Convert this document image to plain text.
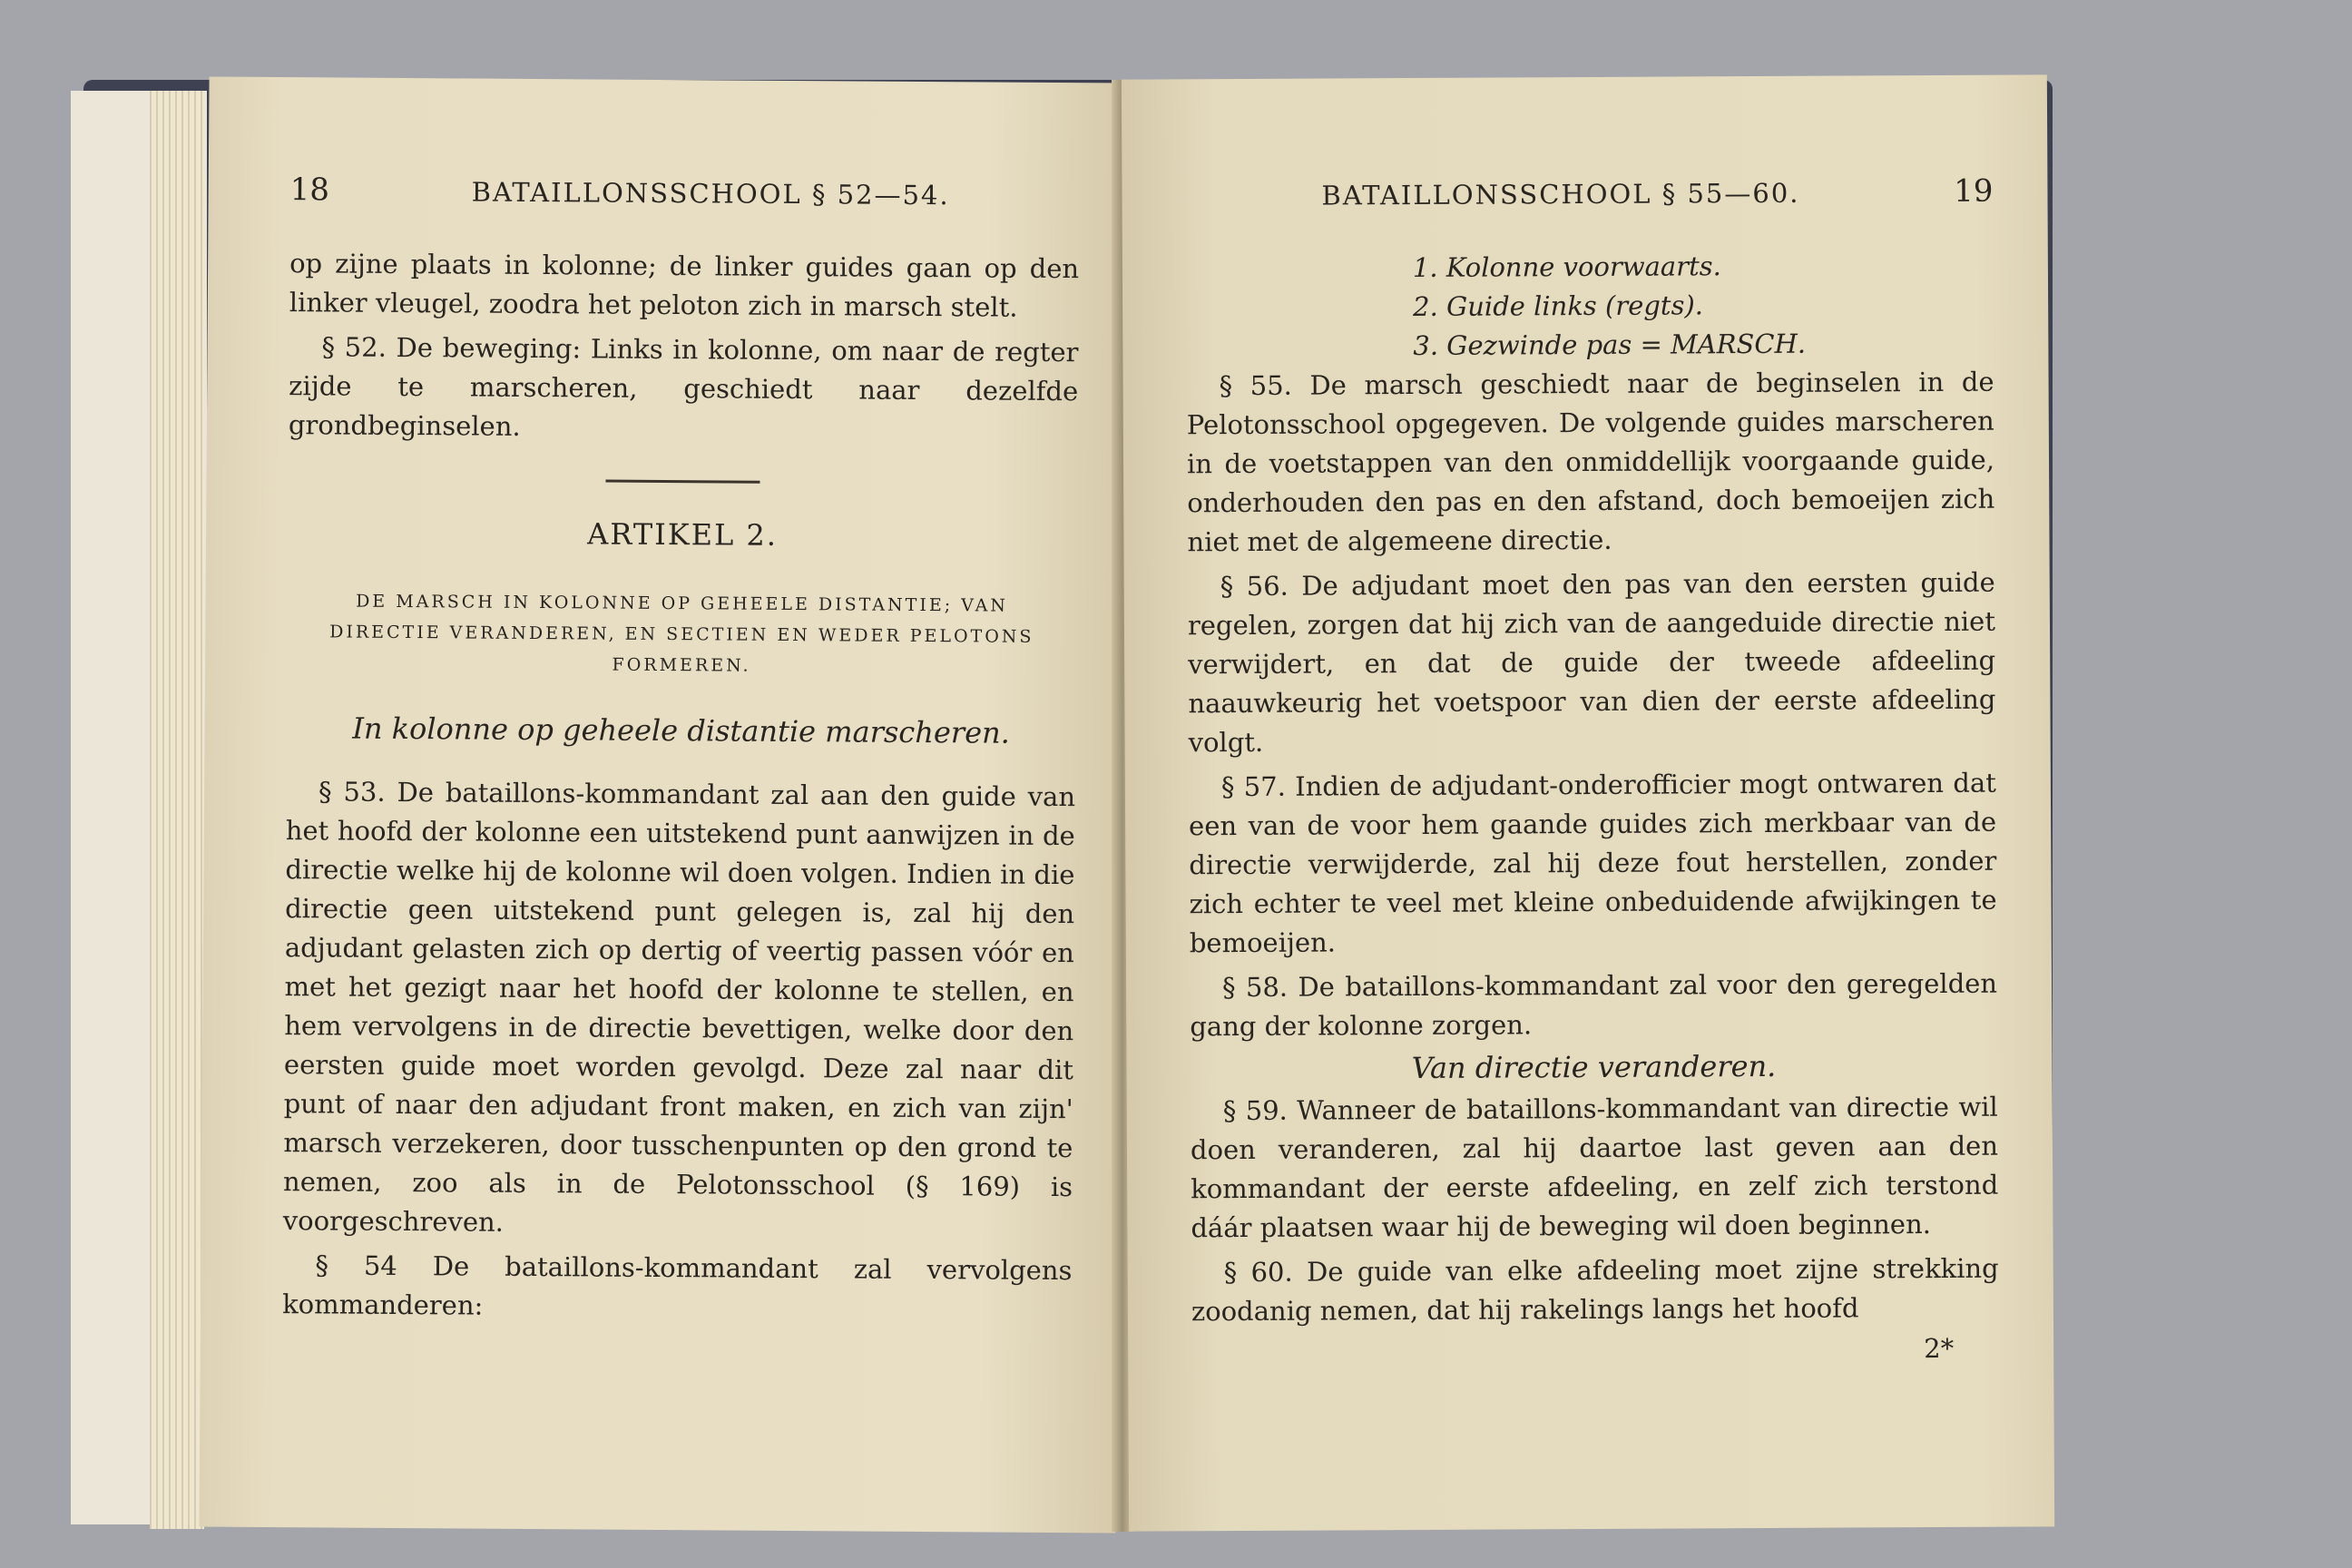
18	BATAILLONSSCHOOL § 52—54.

op zijne plaats in kolonne; de linker guides gaan op den linker vleugel, zoodra het peloton zich in marsch stelt.

§ 52. De beweging: Links in kolonne, om naar de regter zijde te marscheren, geschiedt naar dezelfde grondbeginselen.

ARTIKEL 2.
DE MARSCH IN KOLONNE OP GEHEELE DISTANTIE; VAN DIRECTIE VERANDEREN, EN SECTIEN EN WEDER PELOTONS FORMEREN.
In kolonne op geheele distantie marscheren.

§ 53. De bataillons-kommandant zal aan den guide van het hoofd der kolonne een uitstekend punt aanwijzen in de directie welke hij de kolonne wil doen volgen. Indien in die directie geen uitstekend punt gelegen is, zal hij den adjudant gelasten zich op dertig of veertig passen vóór en met het gezigt naar het hoofd der kolonne te stellen, en hem vervolgens in de directie bevettigen, welke door den eersten guide moet worden gevolgd. Deze zal naar dit punt of naar den adjudant front maken, en zich van zijn' marsch verzekeren, door tusschenpunten op den grond te nemen, zoo als in de Pelotonsschool (§ 169) is voorgeschreven.

§ 54 De bataillons-kommandant zal vervolgens kommanderen:

BATAILLONSSCHOOL § 55—60.	19
1. Kolonne voorwaarts.
2. Guide links (regts).
3. Gezwinde pas = MARSCH.

§ 55. De marsch geschiedt naar de beginselen in de Pelotonsschool opgegeven. De volgende guides marscheren in de voetstappen van den onmiddellijk voorgaande guide, onderhouden den pas en den afstand, doch bemoeijen zich niet met de algemeene directie.

§ 56. De adjudant moet den pas van den eersten guide regelen, zorgen dat hij zich van de aangeduide directie niet verwijdert, en dat de guide der tweede afdeeling naauwkeurig het voetspoor van dien der eerste afdeeling volgt.

§ 57. Indien de adjudant-onderofficier mogt ontwaren dat een van de voor hem gaande guides zich merkbaar van de directie verwijderde, zal hij deze fout herstellen, zonder zich echter te veel met kleine onbeduidende afwijkingen te bemoeijen.

§ 58. De bataillons-kommandant zal voor den geregelden gang der kolonne zorgen.

Van directie veranderen.

§ 59. Wanneer de bataillons-kommandant van directie wil doen veranderen, zal hij daartoe last geven aan den kommandant der eerste afdeeling, en zelf zich terstond dáár plaatsen waar hij de beweging wil doen beginnen.

§ 60. De guide van elke afdeeling moet zijne strekking zoodanig nemen, dat hij rakelings langs het hoofd

2*
